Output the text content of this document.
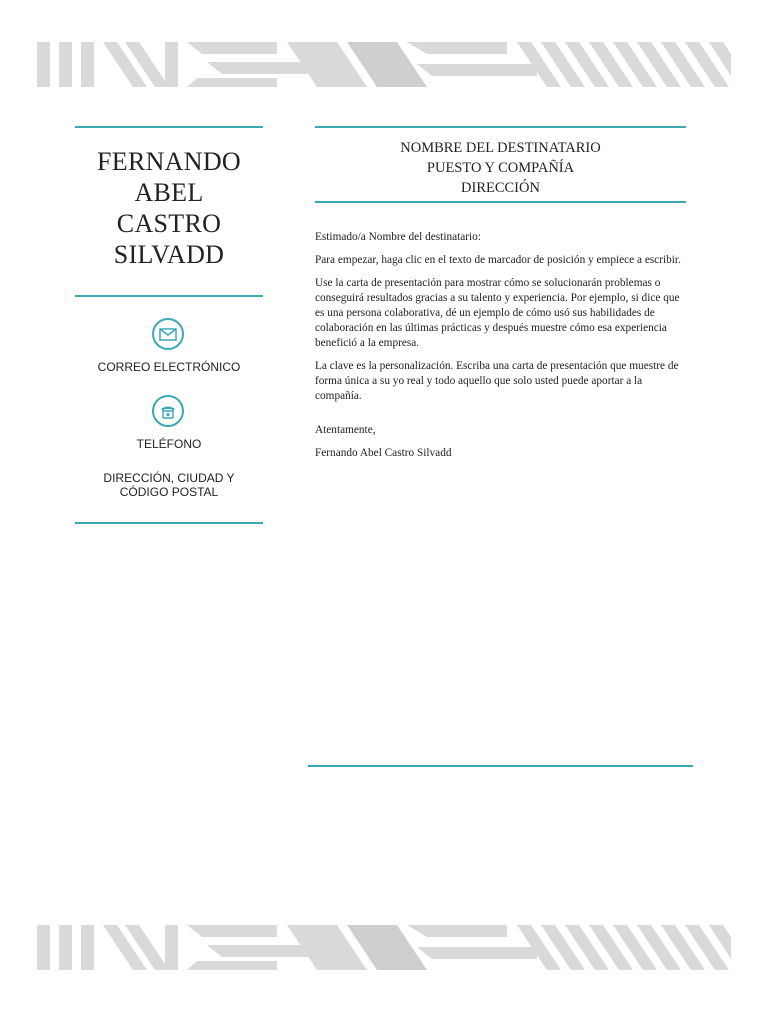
FERNANDO
ABEL
CASTRO
SILVADD
CORREO ELECTRÓNICO
TELÉFONO
DIRECCIÓN, CIUDAD Y
CÓDIGO POSTAL
NOMBRE DEL DESTINATARIO
PUESTO Y COMPAÑÍA
DIRECCIÓN

Estimado/a Nombre del destinatario:

Para empezar, haga clic en el texto de marcador de posición y empiece a escribir.

Use la carta de presentación para mostrar cómo se solucionarán problemas o conseguirá resultados gracias a su talento y experiencia. Por ejemplo, si dice que es una persona colaborativa, dé un ejemplo de cómo usó sus habilidades de colaboración en las últimas prácticas y después muestre cómo esa experiencia benefició a la empresa.

La clave es la personalización. Escriba una carta de presentación que muestre de forma única a su yo real y todo aquello que solo usted puede aportar a la compañía.

Atentamente,

Fernando Abel Castro Silvadd
